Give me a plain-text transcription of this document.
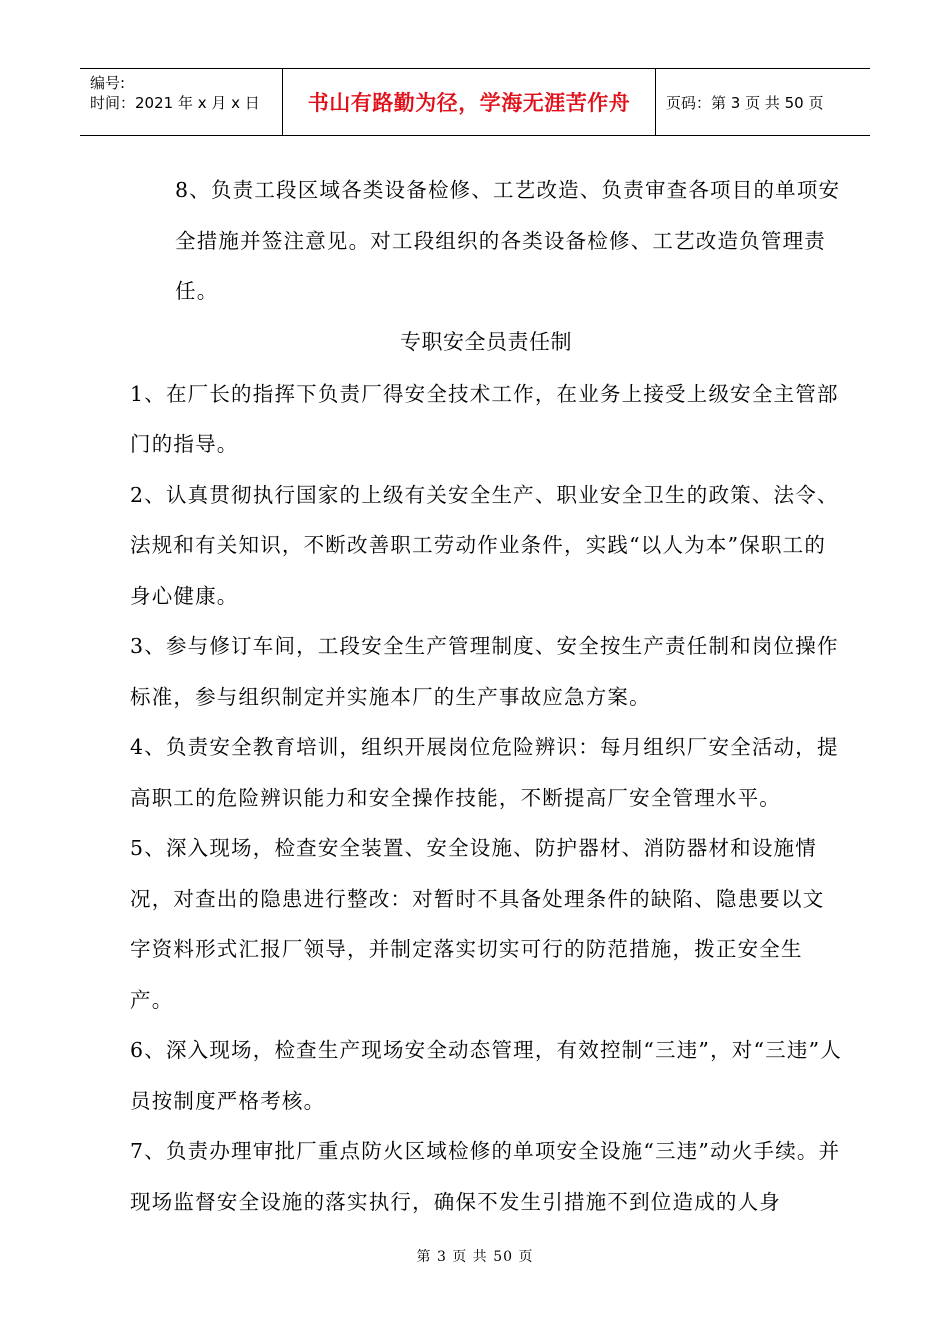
编号:
时间：2021 年 x 月 x 日	书山有路勤为径，学海无涯苦作舟	页码：第 3 页 共 50 页

8、负责工段区域各类设备检修、工艺改造、负责审查各项目的单项安全措施并签注意见。对工段组织的各类设备检修、工艺改造负管理责任。

专职安全员责任制

1、在厂长的指挥下负责厂得安全技术工作，在业务上接受上级安全主管部门的指导。

2、认真贯彻执行国家的上级有关安全生产、职业安全卫生的政策、法令、法规和有关知识，不断改善职工劳动作业条件，实践“以人为本”保职工的身心健康。

3、参与修订车间，工段安全生产管理制度、安全按生产责任制和岗位操作标准，参与组织制定并实施本厂的生产事故应急方案。

4、负责安全教育培训，组织开展岗位危险辨识：每月组织厂安全活动，提高职工的危险辨识能力和安全操作技能，不断提高厂安全管理水平。

5、深入现场，检查安全装置、安全设施、防护器材、消防器材和设施情况，对查出的隐患进行整改：对暂时不具备处理条件的缺陷、隐患要以文字资料形式汇报厂领导，并制定落实切实可行的防范措施，拨正安全生产。

6、深入现场，检查生产现场安全动态管理，有效控制“三违”，对“三违”人员按制度严格考核。

7、负责办理审批厂重点防火区域检修的单项安全设施“三违”动火手续。并现场监督安全设施的落实执行，确保不发生引措施不到位造成的人身

第 3 页 共 50 页
